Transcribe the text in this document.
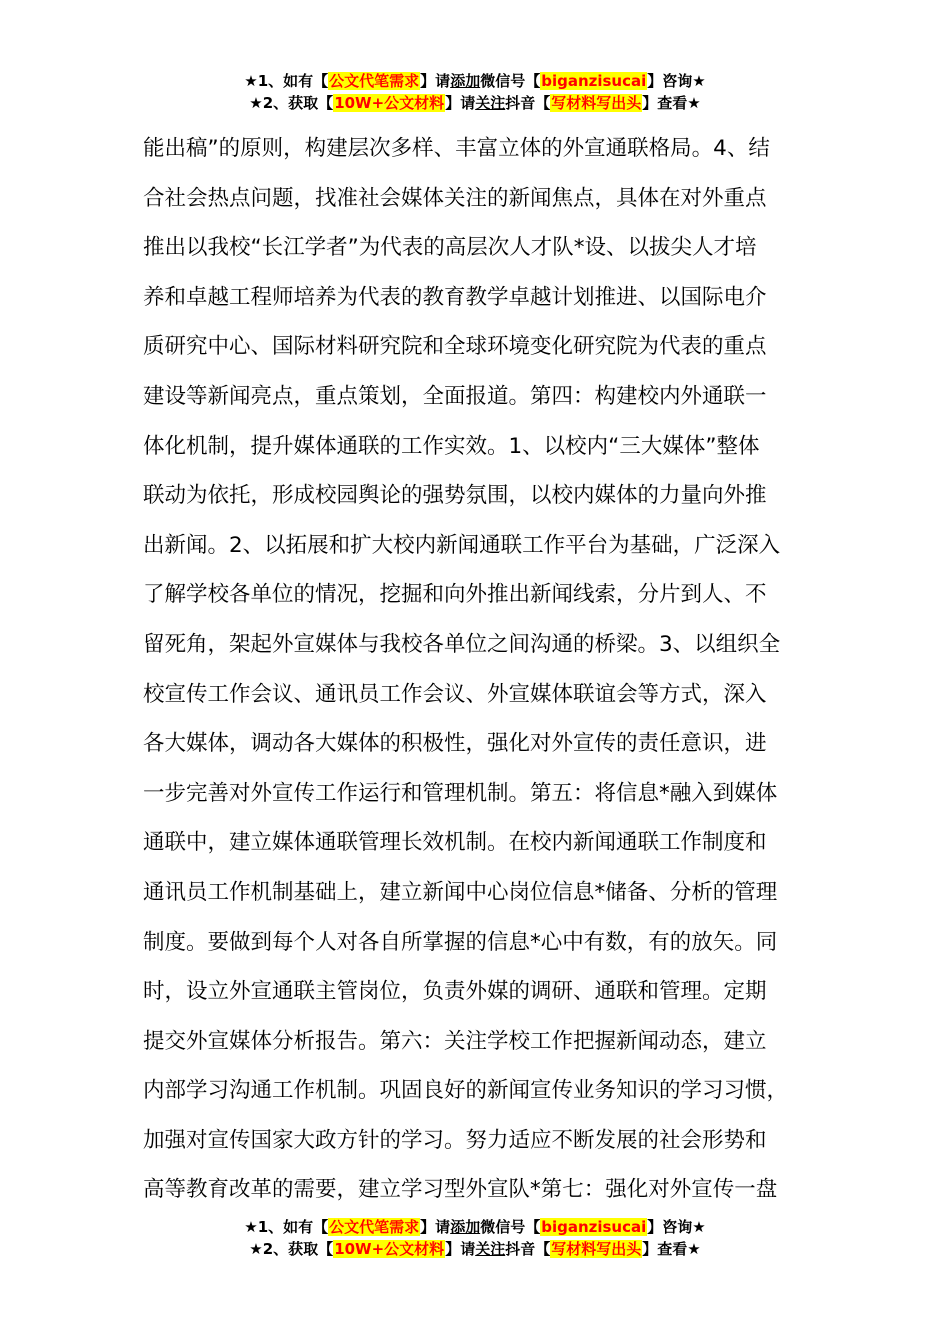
★1、如有【公文代笔需求】请添加微信号【biganzisucai】咨询★
★2、获取【10W+公文材料】请关注抖音【写材料写出头】查看★
能出稿”的原则，构建层次多样、丰富立体的外宣通联格局。4、结
合社会热点问题，找准社会媒体关注的新闻焦点，具体在对外重点
推出以我校“长江学者”为代表的高层次人才队*设、以拔尖人才培
养和卓越工程师培养为代表的教育教学卓越计划推进、以国际电介
质研究中心、国际材料研究院和全球环境变化研究院为代表的重点
建设等新闻亮点，重点策划，全面报道。第四：构建校内外通联一
体化机制，提升媒体通联的工作实效。1、以校内“三大媒体”整体
联动为依托，形成校园舆论的强势氛围，以校内媒体的力量向外推
出新闻。2、以拓展和扩大校内新闻通联工作平台为基础，广泛深入
了解学校各单位的情况，挖掘和向外推出新闻线索，分片到人、不
留死角，架起外宣媒体与我校各单位之间沟通的桥梁。3、以组织全
校宣传工作会议、通讯员工作会议、外宣媒体联谊会等方式，深入
各大媒体，调动各大媒体的积极性，强化对外宣传的责任意识，进
一步完善对外宣传工作运行和管理机制。第五：将信息*融入到媒体
通联中，建立媒体通联管理长效机制。在校内新闻通联工作制度和
通讯员工作机制基础上，建立新闻中心岗位信息*储备、分析的管理
制度。要做到每个人对各自所掌握的信息*心中有数，有的放矢。同
时，设立外宣通联主管岗位，负责外媒的调研、通联和管理。定期
提交外宣媒体分析报告。第六：关注学校工作把握新闻动态，建立
内部学习沟通工作机制。巩固良好的新闻宣传业务知识的学习习惯，
加强对宣传国家大政方针的学习。努力适应不断发展的社会形势和
高等教育改革的需要，建立学习型外宣队*第七：强化对外宣传一盘
★1、如有【公文代笔需求】请添加微信号【biganzisucai】咨询★
★2、获取【10W+公文材料】请关注抖音【写材料写出头】查看★
